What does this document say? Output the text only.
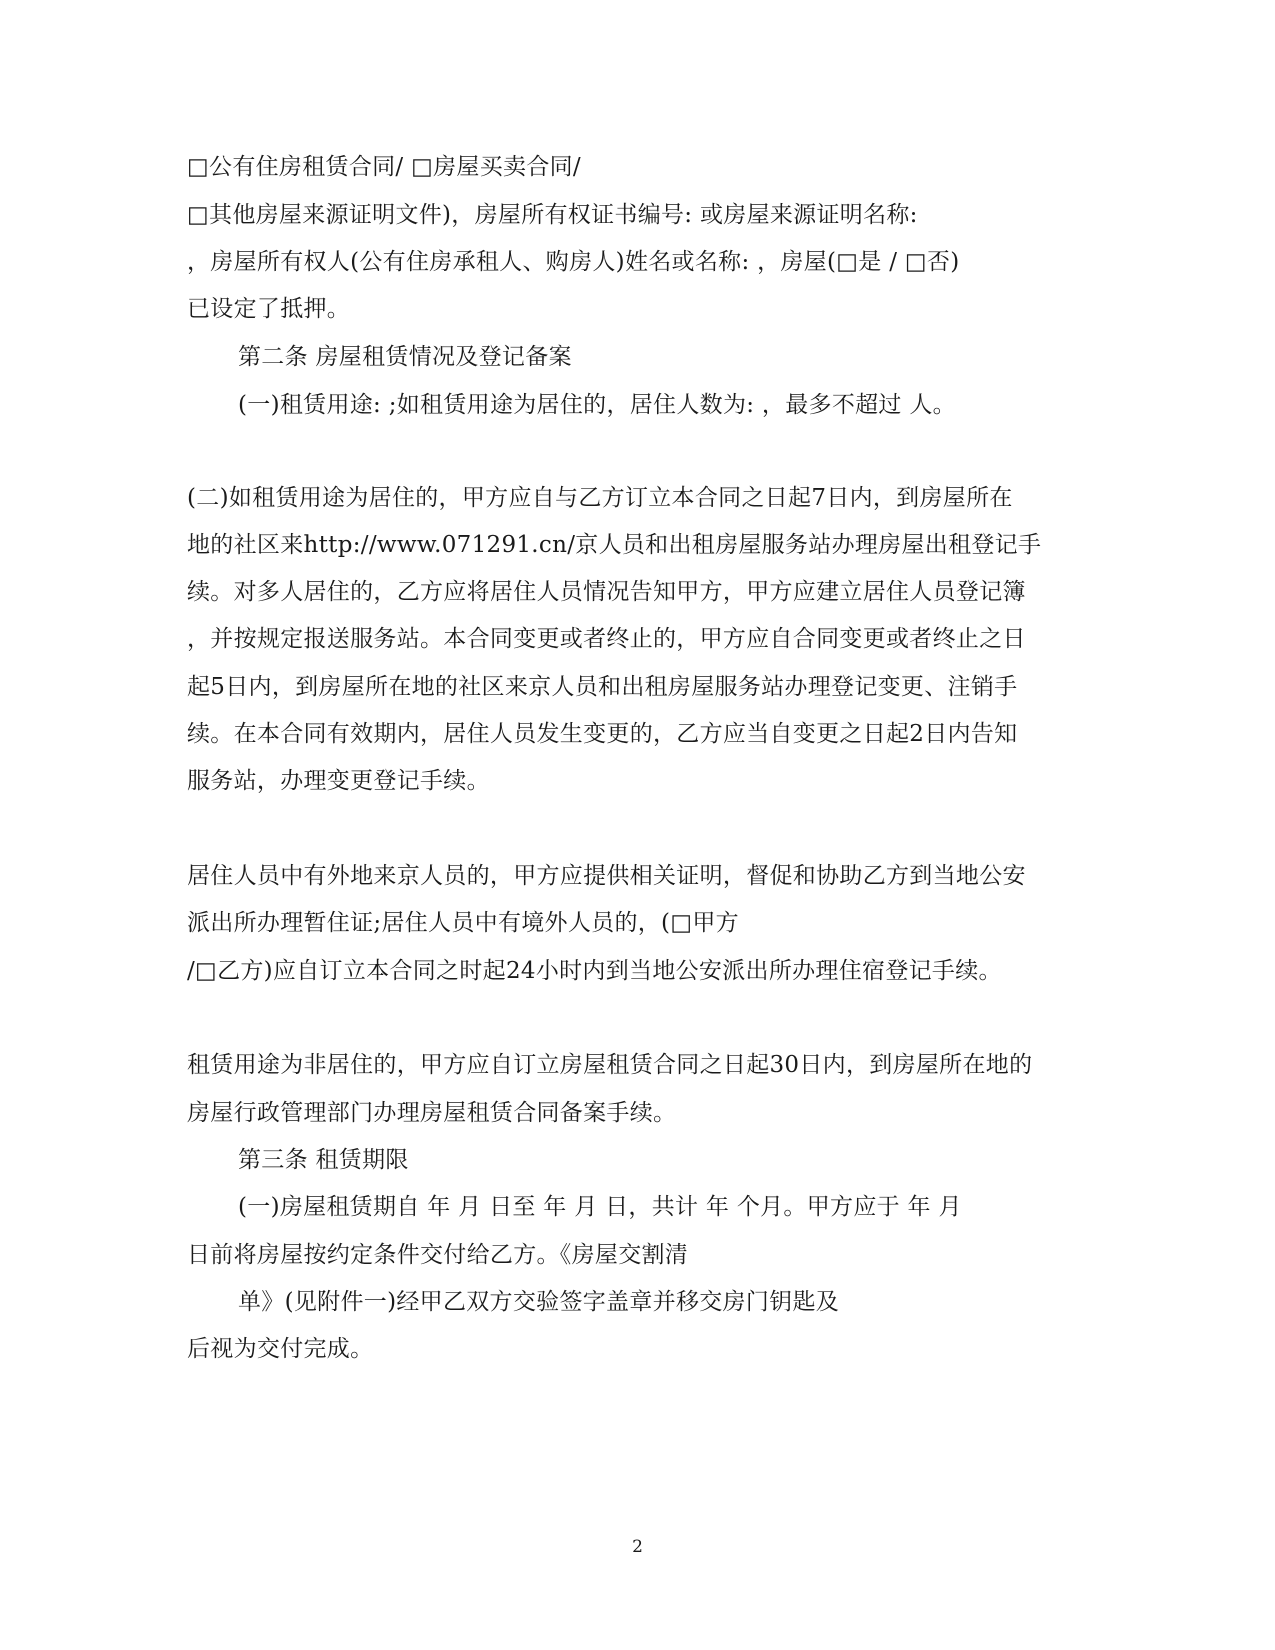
□公有住房租赁合同/ □房屋买卖合同/
□其他房屋来源证明文件)，房屋所有权证书编号: 或房屋来源证明名称:
，房屋所有权人(公有住房承租人、购房人)姓名或名称: ，房屋(□是 / □否)
已设定了抵押。
第二条 房屋租赁情况及登记备案
(一)租赁用途: ;如租赁用途为居住的，居住人数为: ，最多不超过 人。
(二)如租赁用途为居住的，甲方应自与乙方订立本合同之日起7日内，到房屋所在
地的社区来http://www.071291.cn/京人员和出租房屋服务站办理房屋出租登记手
续。对多人居住的，乙方应将居住人员情况告知甲方，甲方应建立居住人员登记簿
，并按规定报送服务站。本合同变更或者终止的，甲方应自合同变更或者终止之日
起5日内，到房屋所在地的社区来京人员和出租房屋服务站办理登记变更、注销手
续。在本合同有效期内，居住人员发生变更的，乙方应当自变更之日起2日内告知
服务站，办理变更登记手续。
居住人员中有外地来京人员的，甲方应提供相关证明，督促和协助乙方到当地公安
派出所办理暂住证;居住人员中有境外人员的，(□甲方
/□乙方)应自订立本合同之时起24小时内到当地公安派出所办理住宿登记手续。
租赁用途为非居住的，甲方应自订立房屋租赁合同之日起30日内，到房屋所在地的
房屋行政管理部门办理房屋租赁合同备案手续。
第三条 租赁期限
(一)房屋租赁期自 年 月 日至 年 月 日，共计 年 个月。甲方应于 年 月
日前将房屋按约定条件交付给乙方。《房屋交割清
单》(见附件一)经甲乙双方交验签字盖章并移交房门钥匙及
后视为交付完成。
2
